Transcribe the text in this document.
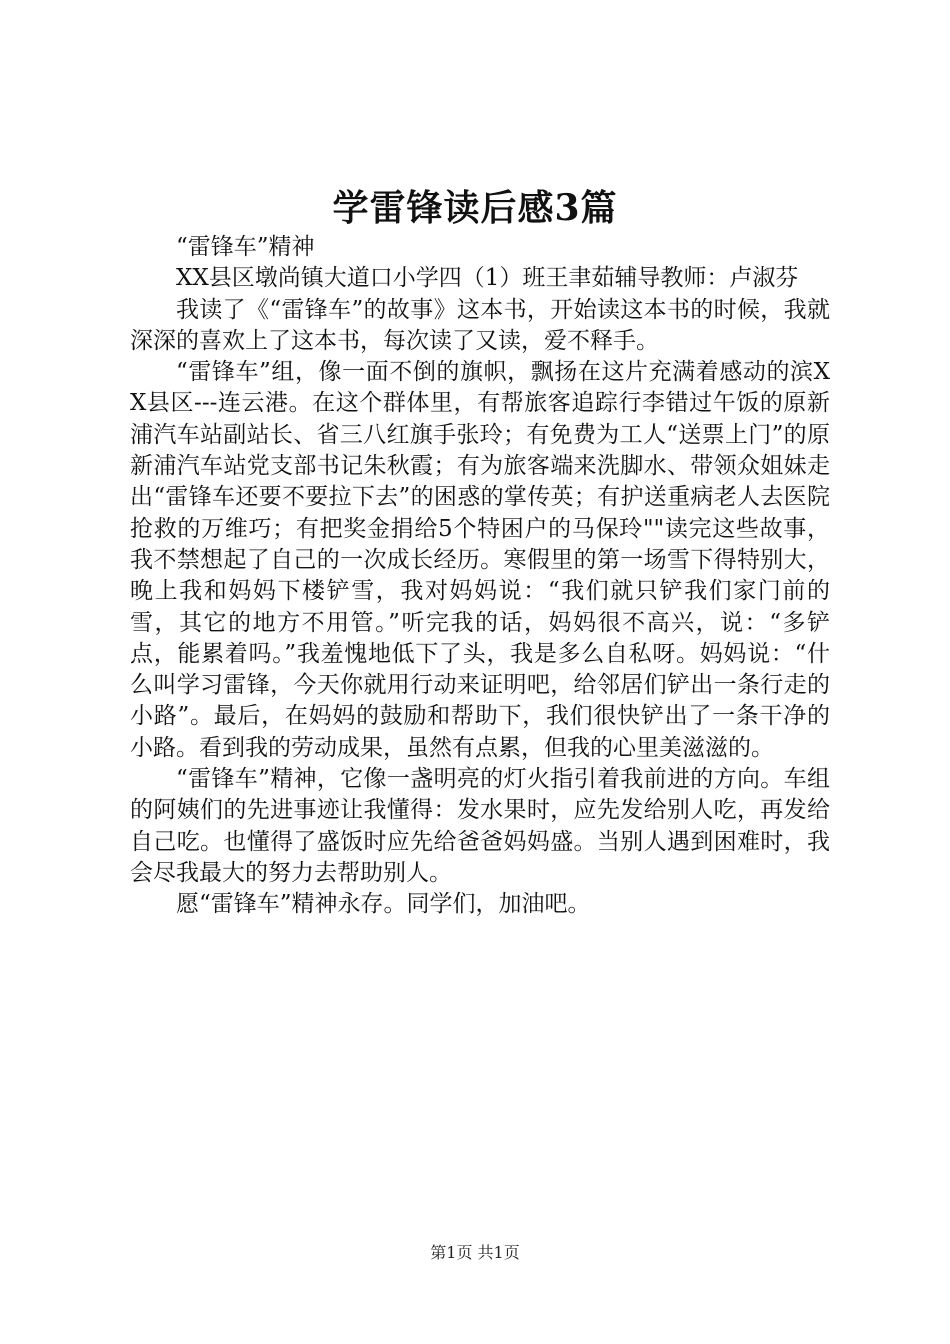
学雷锋读后感3篇

“雷锋车”精神

XX县区墩尚镇大道口小学四（1）班王聿茹辅导教师：卢淑芬

我读了《“雷锋车”的故事》这本书，开始读这本书的时候，我就深深的喜欢上了这本书，每次读了又读，爱不释手。

“雷锋车”组，像一面不倒的旗帜，飘扬在这片充满着感动的滨XX县区---连云港。在这个群体里，有帮旅客追踪行李错过午饭的原新浦汽车站副站长、省三八红旗手张玲；有免费为工人“送票上门”的原新浦汽车站党支部书记朱秋霞；有为旅客端来洗脚水、带领众姐妹走出“雷锋车还要不要拉下去”的困惑的掌传英；有护送重病老人去医院抢救的万维巧；有把奖金捐给5个特困户的马保玲""读完这些故事，我不禁想起了自己的一次成长经历。寒假里的第一场雪下得特别大，晚上我和妈妈下楼铲雪，我对妈妈说：“我们就只铲我们家门前的雪，其它的地方不用管。”听完我的话，妈妈很不高兴，说：“多铲点，能累着吗。”我羞愧地低下了头，我是多么自私呀。妈妈说：“什么叫学习雷锋，今天你就用行动来证明吧，给邻居们铲出一条行走的小路”。最后，在妈妈的鼓励和帮助下，我们很快铲出了一条干净的小路。看到我的劳动成果，虽然有点累，但我的心里美滋滋的。

“雷锋车”精神，它像一盏明亮的灯火指引着我前进的方向。车组的阿姨们的先进事迹让我懂得：发水果时，应先发给别人吃，再发给自己吃。也懂得了盛饭时应先给爸爸妈妈盛。当别人遇到困难时，我会尽我最大的努力去帮助别人。

愿“雷锋车”精神永存。同学们，加油吧。

第1页 共1页
